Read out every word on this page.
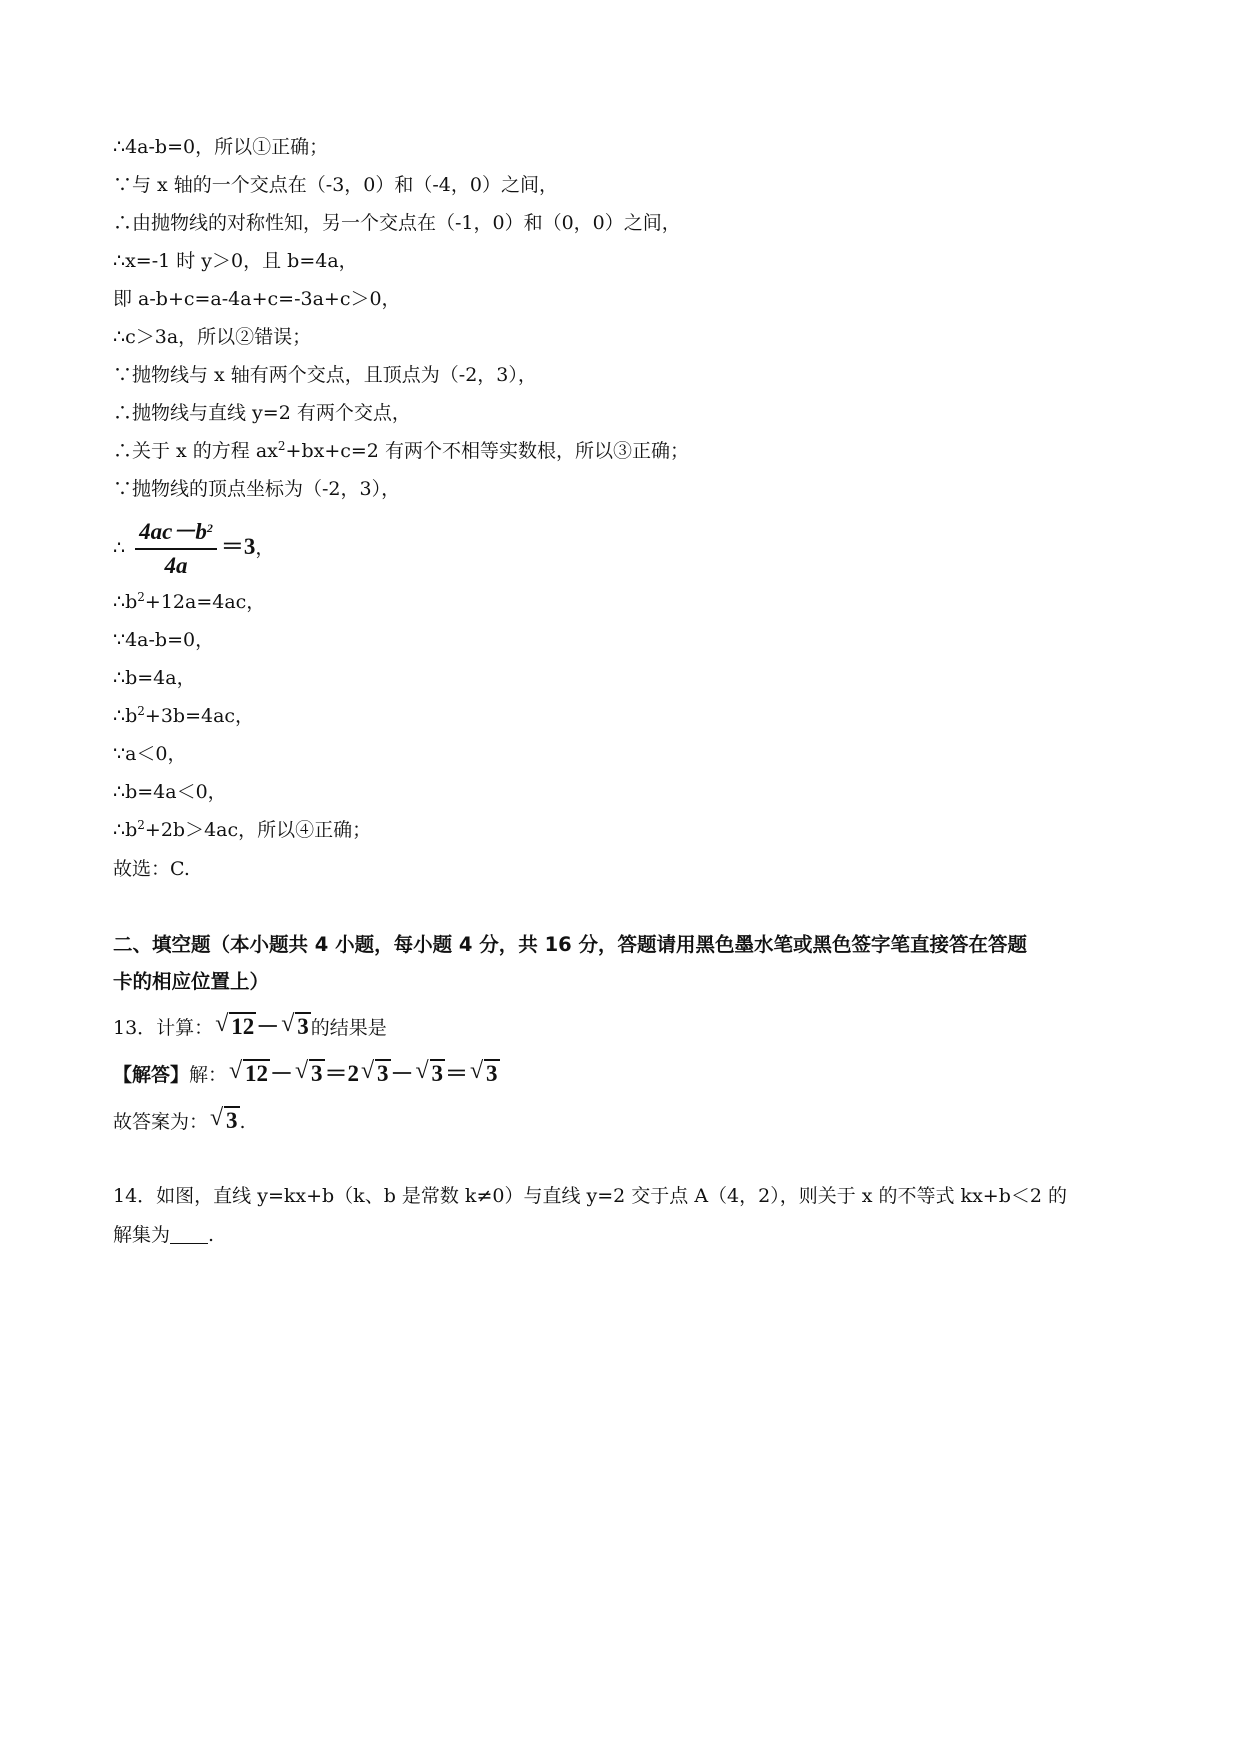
∴4a-b=0，所以①正确；
∵与 x 轴的一个交点在（-3，0）和（-4，0）之间，
∴由抛物线的对称性知，另一个交点在（-1，0）和（0，0）之间，
∴x=-1 时 y＞0，且 b=4a，
即 a-b+c=a-4a+c=-3a+c＞0，
∴c＞3a，所以②错误；
∵抛物线与 x 轴有两个交点，且顶点为（-2，3），
∴抛物线与直线 y=2 有两个交点，
∴关于 x 的方程 $ax^2+bx+c=2$ 有两个不相等实数根，所以③正确；
∵抛物线的顶点坐标为（-2，3），
∴ $\frac{4ac-b^2}{4a} =3$，
$\therefore b^2+12a=4ac$，
∵4a-b=0，
∴b=4a，
$\therefore b^2+3b=4ac$，
∵a＜0，
∴b=4a＜0，
$\therefore b^2+2b>4ac$，所以④正确；
故选：C.
二、填空题（本小题共 4 小题，每小题 4 分，共 16 分，答题请用黑色墨水笔或黑色签字笔直接答在答题
卡的相应位置上）
13．计算： √ 12－ √ 3 的结果是
【解答】解： √ 12－ √ 3＝2 √ 3－ √ 3＝ √ 3
故答案为： √ 3 .
14．如图，直线 y=kx+b（k、b 是常数 k≠0）与直线 y=2 交于点 A（4，2），则关于 x 的不等式 kx+b＜2 的
解集为 .
